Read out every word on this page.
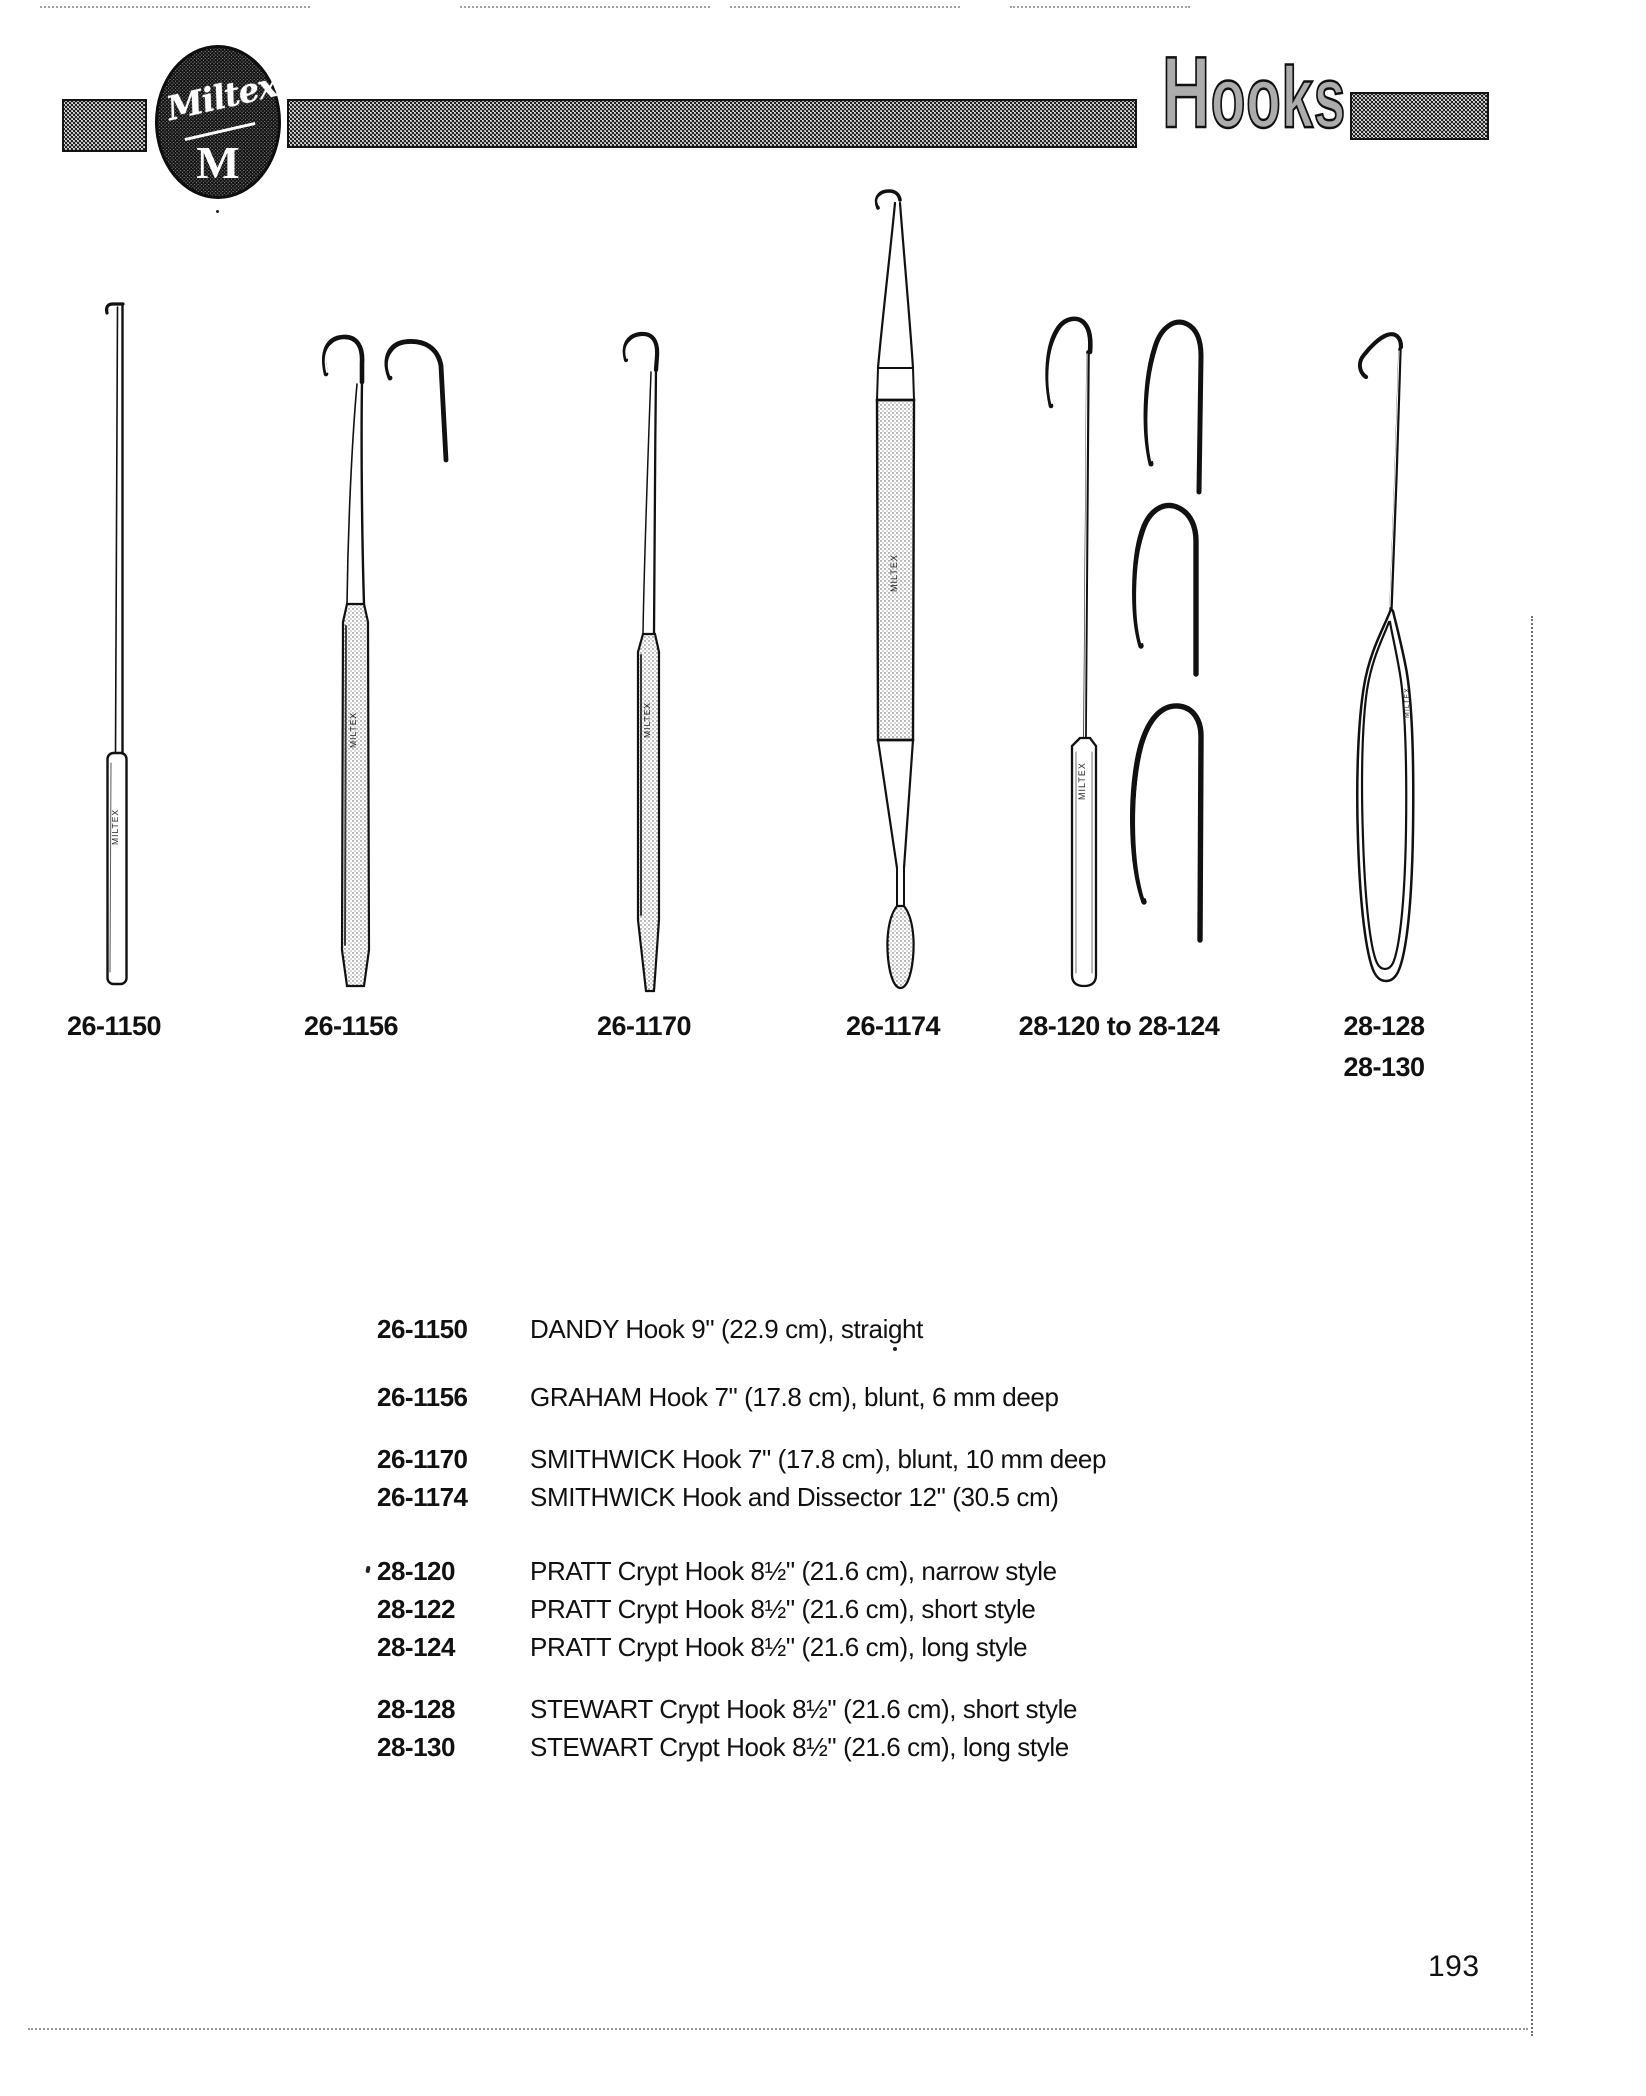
Miltex
M
Hooks
MILTEX
MILTEX	MILTEX
MILTEX
MILTEX
MILTEX
26-1150	26-1156	26-1170	26-1174	28-120 to 28-124	28-128
28-130
26-1150	DANDY Hook 9" (22.9 cm), straight
26-1156	GRAHAM Hook 7" (17.8 cm), blunt, 6 mm deep
26-1170	SMITHWICK Hook 7" (17.8 cm), blunt, 10 mm deep
26-1174	SMITHWICK Hook and Dissector 12" (30.5 cm)
28-120	PRATT Crypt Hook 8½" (21.6 cm), narrow style
28-122	PRATT Crypt Hook 8½" (21.6 cm), short style
28-124	PRATT Crypt Hook 8½" (21.6 cm), long style
28-128	STEWART Crypt Hook 8½" (21.6 cm), short style
28-130	STEWART Crypt Hook 8½" (21.6 cm), long style
193
